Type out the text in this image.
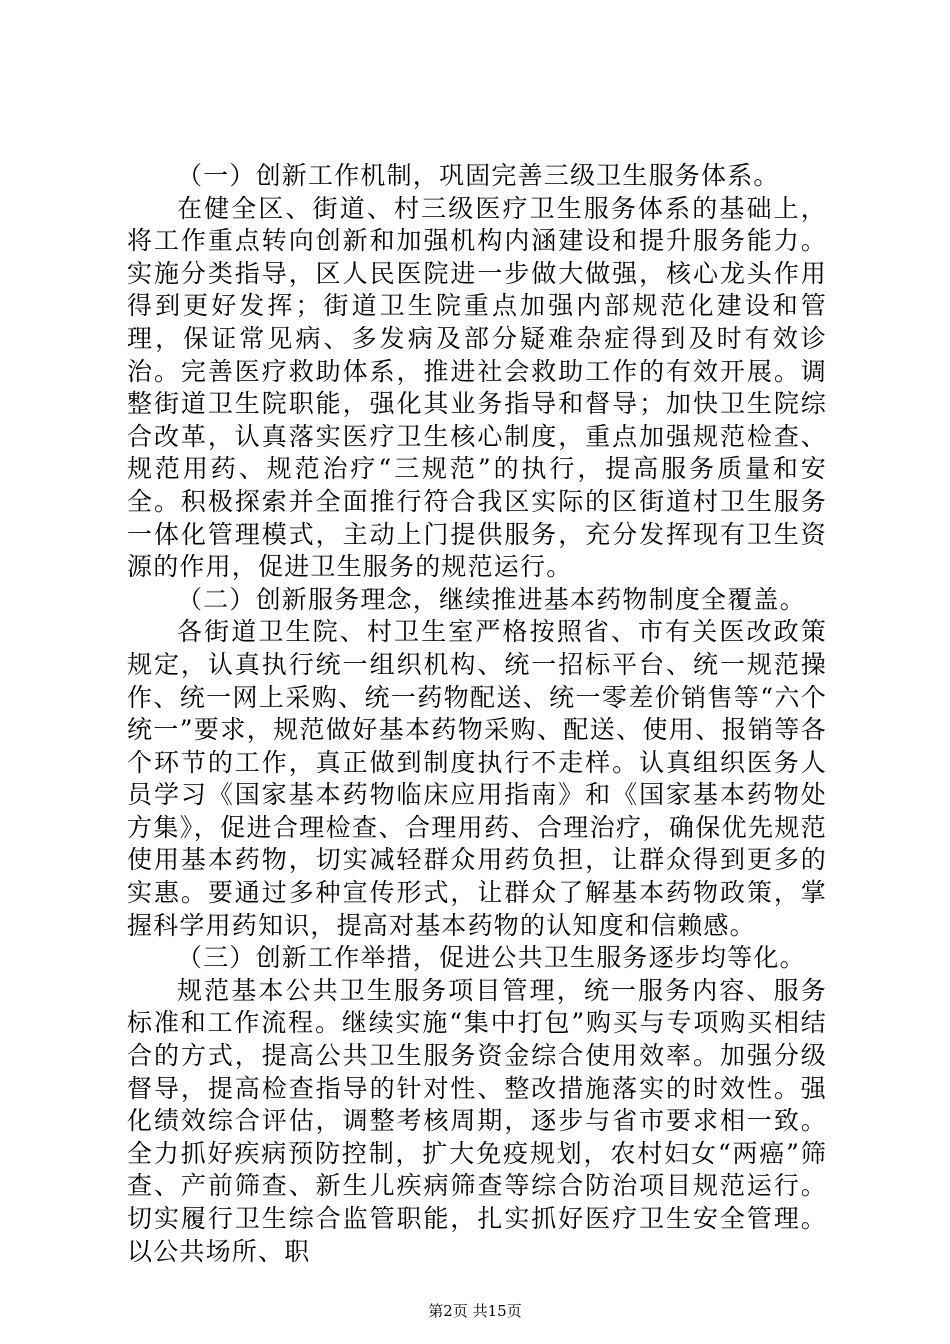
（一）创新工作机制，巩固完善三级卫生服务体系。

在健全区、街道、村三级医疗卫生服务体系的基础上，将工作重点转向创新和加强机构内涵建设和提升服务能力。实施分类指导，区人民医院进一步做大做强，核心龙头作用得到更好发挥；街道卫生院重点加强内部规范化建设和管理，保证常见病、多发病及部分疑难杂症得到及时有效诊治。完善医疗救助体系，推进社会救助工作的有效开展。调整街道卫生院职能，强化其业务指导和督导；加快卫生院综合改革，认真落实医疗卫生核心制度，重点加强规范检查、规范用药、规范治疗“三规范”的执行，提高服务质量和安全。积极探索并全面推行符合我区实际的区街道村卫生服务一体化管理模式，主动上门提供服务，充分发挥现有卫生资源的作用，促进卫生服务的规范运行。

（二）创新服务理念，继续推进基本药物制度全覆盖。

各街道卫生院、村卫生室严格按照省、市有关医改政策规定，认真执行统一组织机构、统一招标平台、统一规范操作、统一网上采购、统一药物配送、统一零差价销售等“六个统一”要求，规范做好基本药物采购、配送、使用、报销等各个环节的工作，真正做到制度执行不走样。认真组织医务人员学习《国家基本药物临床应用指南》和《国家基本药物处方集》，促进合理检查、合理用药、合理治疗，确保优先规范使用基本药物，切实减轻群众用药负担，让群众得到更多的实惠。要通过多种宣传形式，让群众了解基本药物政策，掌握科学用药知识，提高对基本药物的认知度和信赖感。

（三）创新工作举措，促进公共卫生服务逐步均等化。

规范基本公共卫生服务项目管理，统一服务内容、服务标准和工作流程。继续实施“集中打包”购买与专项购买相结合的方式，提高公共卫生服务资金综合使用效率。加强分级督导，提高检查指导的针对性、整改措施落实的时效性。强化绩效综合评估，调整考核周期，逐步与省市要求相一致。全力抓好疾病预防控制，扩大免疫规划，农村妇女“两癌”筛查、产前筛查、新生儿疾病筛查等综合防治项目规范运行。切实履行卫生综合监管职能，扎实抓好医疗卫生安全管理。以公共场所、职

第2页 共15页
